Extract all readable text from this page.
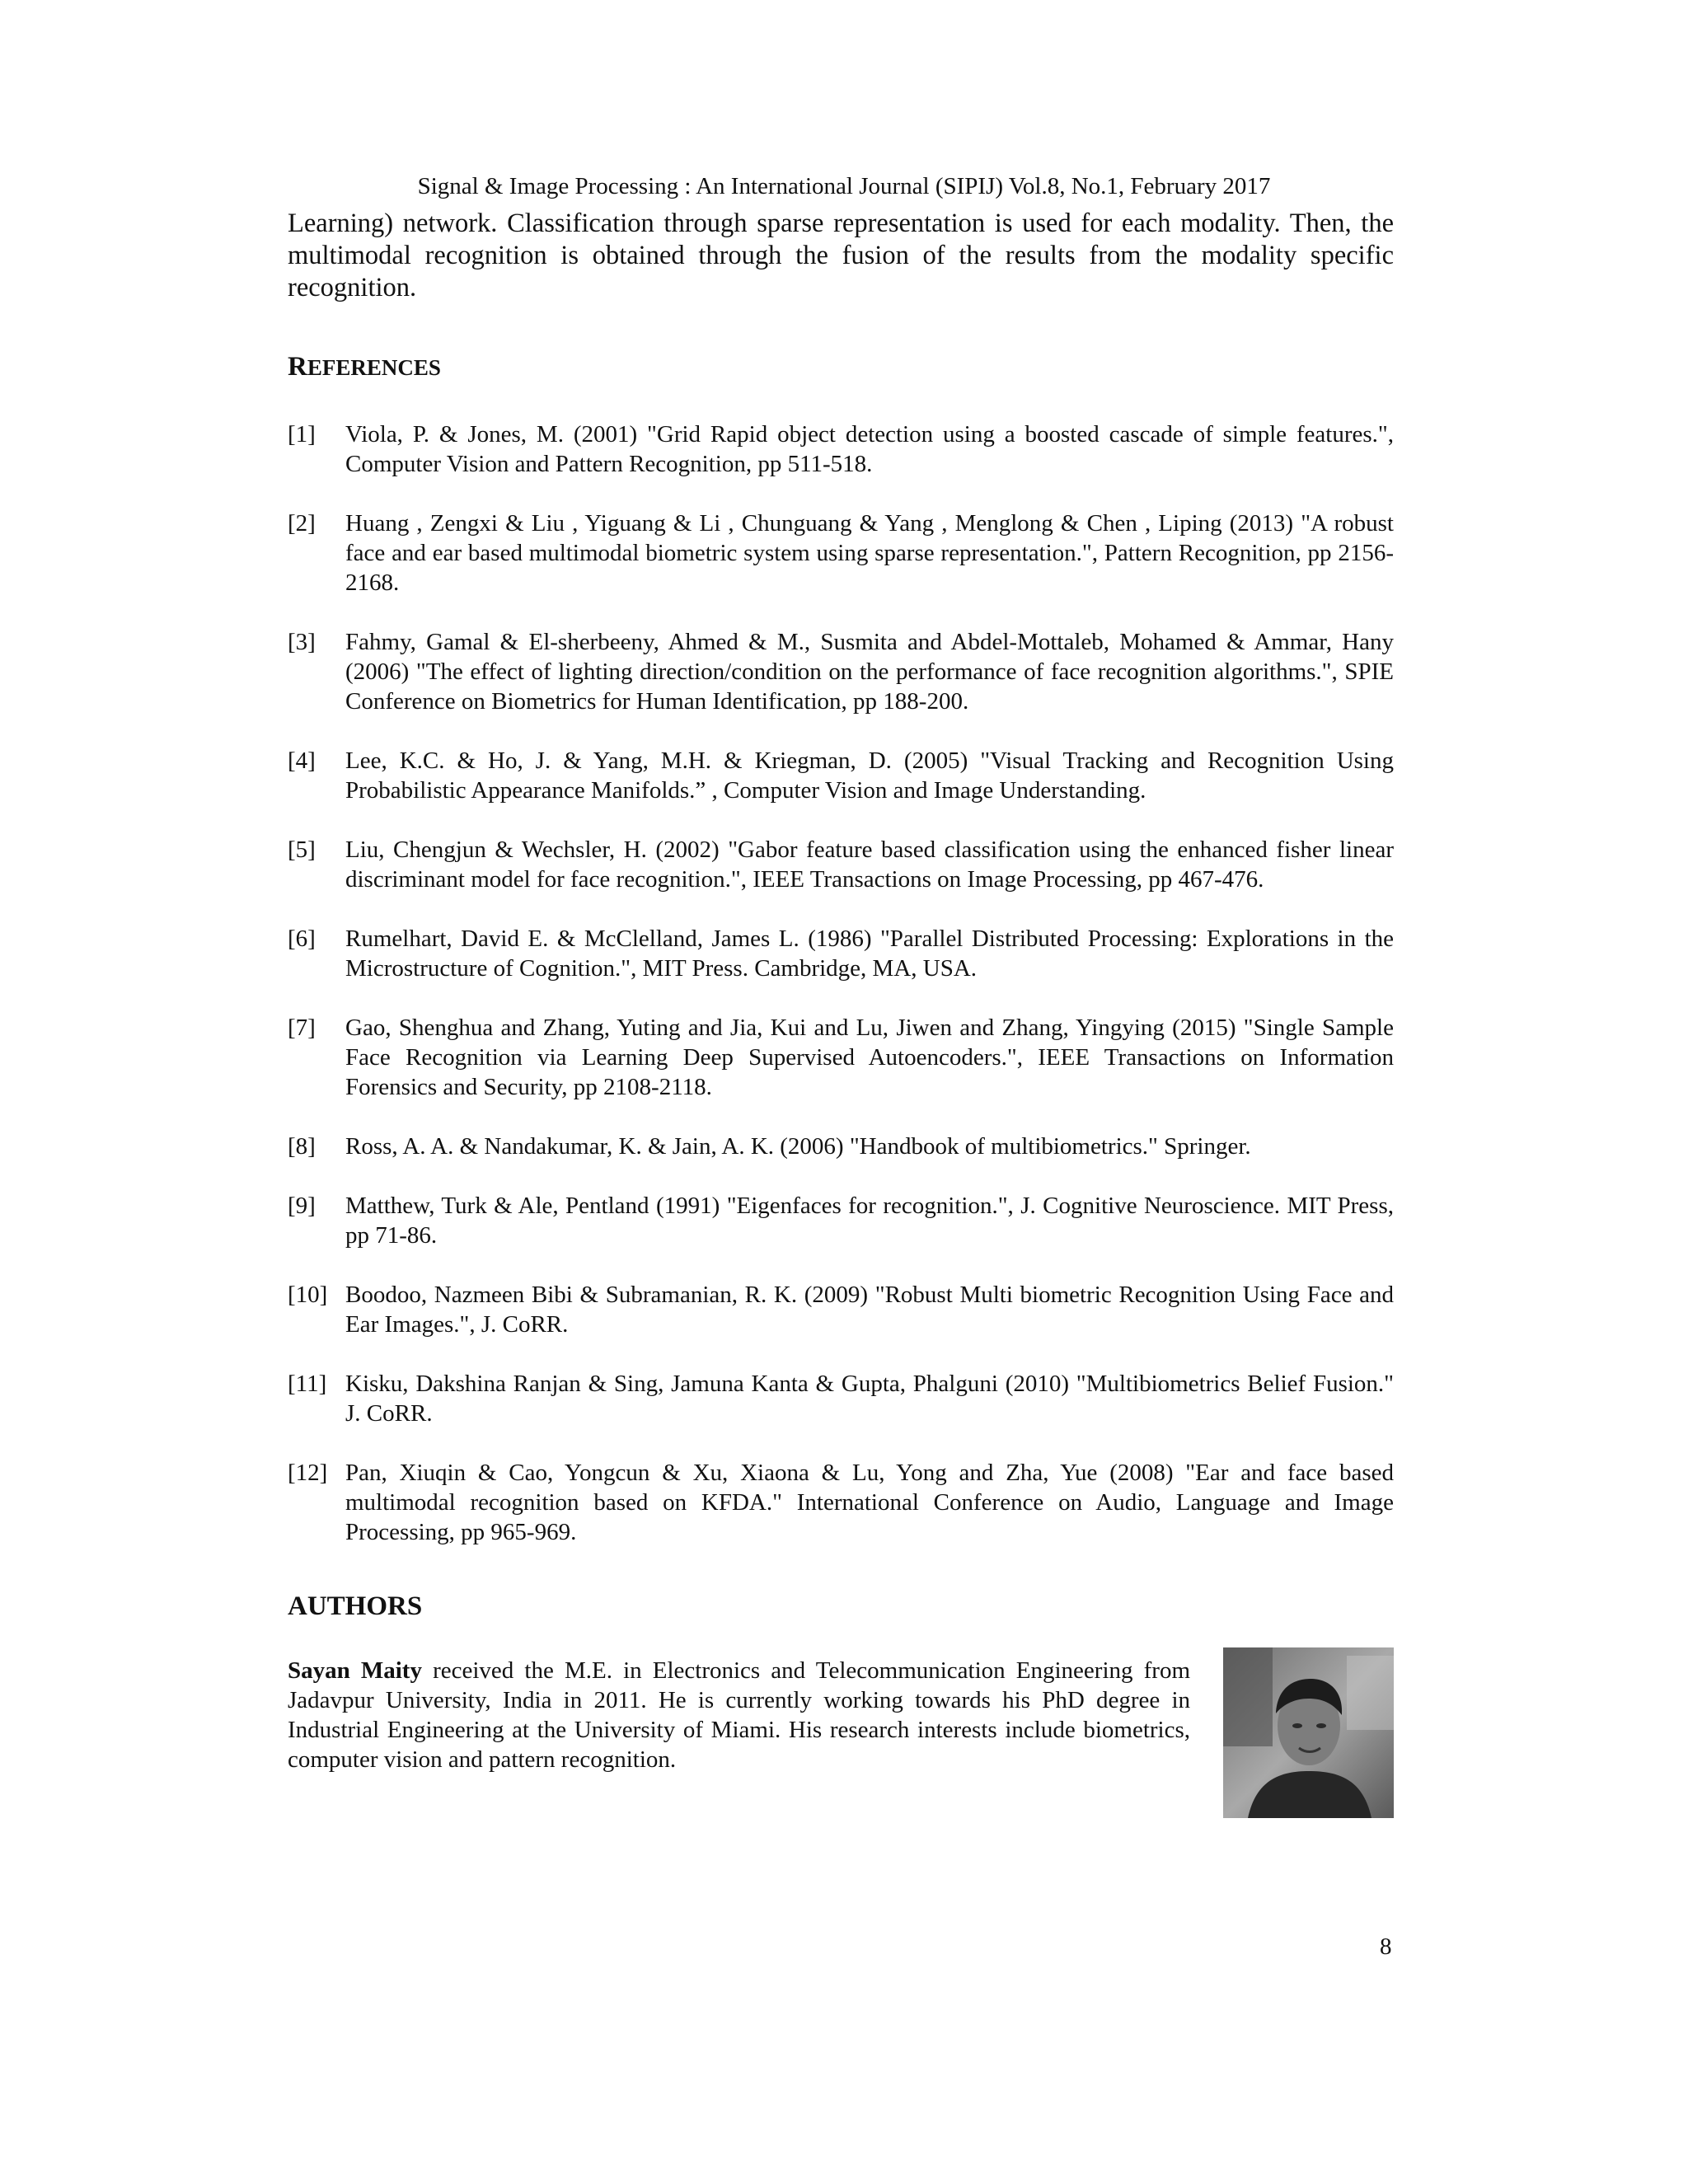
Signal & Image Processing : An International Journal (SIPIJ) Vol.8, No.1, February 2017

Learning) network. Classification through sparse representation is used for each modality. Then, the multimodal recognition is obtained through the fusion of the results from the modality specific recognition.

REFERENCES
[1]	Viola, P. & Jones, M. (2001) "Grid Rapid object detection using a boosted cascade of simple features.", Computer Vision and Pattern Recognition, pp 511-518.
[2]	Huang , Zengxi & Liu , Yiguang & Li , Chunguang & Yang , Menglong & Chen , Liping (2013) "A robust face and ear based multimodal biometric system using sparse representation.", Pattern Recognition, pp 2156-2168.
[3]	Fahmy, Gamal & El-sherbeeny, Ahmed & M., Susmita and Abdel-Mottaleb, Mohamed & Ammar, Hany (2006) "The effect of lighting direction/condition on the performance of face recognition algorithms.", SPIE Conference on Biometrics for Human Identification, pp 188-200.
[4]	Lee, K.C. & Ho, J. & Yang, M.H. & Kriegman, D. (2005) "Visual Tracking and Recognition Using Probabilistic Appearance Manifolds.” , Computer Vision and Image Understanding.
[5]	Liu, Chengjun & Wechsler, H. (2002) "Gabor feature based classification using the enhanced fisher linear discriminant model for face recognition.", IEEE Transactions on Image Processing, pp 467-476.
[6]	Rumelhart, David E. & McClelland, James L. (1986) "Parallel Distributed Processing: Explorations in the Microstructure of Cognition.", MIT Press. Cambridge, MA, USA.
[7]	Gao, Shenghua and Zhang, Yuting and Jia, Kui and Lu, Jiwen and Zhang, Yingying (2015) "Single Sample Face Recognition via Learning Deep Supervised Autoencoders.", IEEE Transactions on Information Forensics and Security, pp 2108-2118.
[8]	Ross, A. A. & Nandakumar, K. & Jain, A. K. (2006) "Handbook of multibiometrics." Springer.
[9]	Matthew, Turk & Ale, Pentland (1991) "Eigenfaces for recognition.", J. Cognitive Neuroscience. MIT Press, pp 71-86.
[10] Boodoo, Nazmeen Bibi & Subramanian, R. K. (2009) "Robust Multi biometric Recognition Using Face and Ear Images.", J. CoRR.
[11] Kisku, Dakshina Ranjan & Sing, Jamuna Kanta & Gupta, Phalguni (2010) "Multibiometrics Belief Fusion." J. CoRR.
[12] Pan, Xiuqin & Cao, Yongcun & Xu, Xiaona & Lu, Yong and Zha, Yue (2008) "Ear and face based multimodal recognition based on KFDA." International Conference on Audio, Language and Image Processing, pp 965-969.
AUTHORS

Sayan Maity received the M.E. in Electronics and Telecommunication Engineering from Jadavpur University, India in 2011. He is currently working towards his PhD degree in Industrial Engineering at the University of Miami. His research interests include biometrics, computer vision and pattern recognition.

8
